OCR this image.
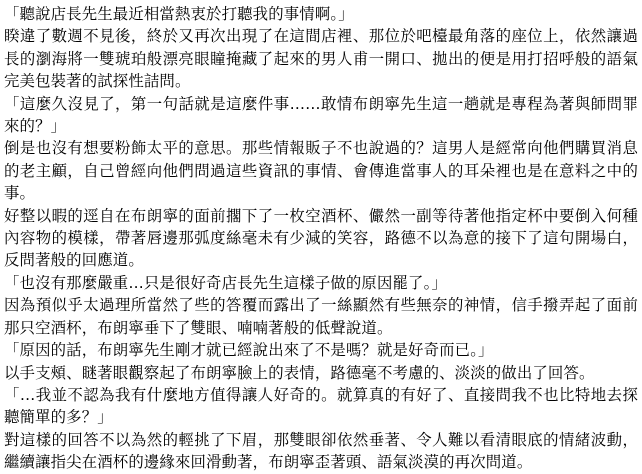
「聽說店長先生最近相當熱衷於打聽我的事情啊。」

睽違了數週不見後，終於又再次出現了在這間店裡、那位於吧檯最角落的座位上，依然讓過長的瀏海將一雙琥珀般漂亮眼瞳掩藏了起來的男人甫一開口、拋出的便是用打招呼般的語氣完美包裝著的試探性詰問。

「這麼久沒見了，第一句話就是這麼件事……敢情布朗寧先生這一趟就是專程為著與師問罪來的？」

倒是也沒有想要粉飾太平的意思。那些情報販子不也說過的？這男人是經常向他們購買消息的老主顧，自己曾經向他們問過這些資訊的事情、會傳進當事人的耳朵裡也是在意料之中的事。

好整以暇的逕自在布朗寧的面前擱下了一枚空酒杯、儼然一副等待著他指定杯中要倒入何種內容物的模樣，帶著唇邊那弧度絲毫未有少減的笑容，路德不以為意的接下了這句開場白，反問著般的回應道。

「也沒有那麼嚴重…只是很好奇店長先生這樣子做的原因罷了。」

因為預似乎太過理所當然了些的答覆而露出了一絲顯然有些無奈的神情，信手撥弄起了面前那只空酒杯，布朗寧垂下了雙眼、喃喃著般的低聲說道。

「原因的話，布朗寧先生剛才就已經說出來了不是嗎？就是好奇而已。」

以手支頰、瞇著眼觀察起了布朗寧臉上的表情，路德毫不考慮的、淡淡的做出了回答。

「…我並不認為我有什麼地方值得讓人好奇的。就算真的有好了、直接問我不也比特地去探聽簡單的多？」

對這樣的回答不以為然的輕挑了下眉，那雙眼卻依然垂著、令人難以看清眼底的情緒波動，繼續讓指尖在酒杯的邊緣來回滑動著，布朗寧歪著頭、語氣淡漠的再次問道。
